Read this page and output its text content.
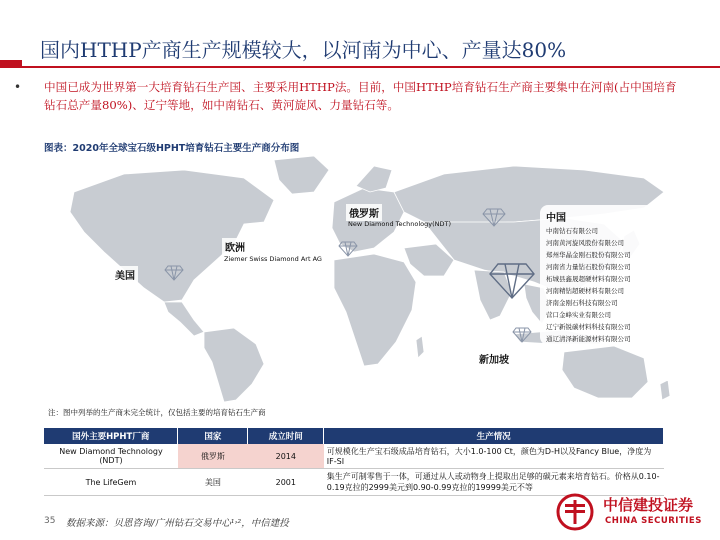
国内HTHP产商生产规模较大，以河南为中心、产量达80%
• 中国已成为世界第一大培育钻石生产国、主要采用HTHP法。目前，中国HTHP培育钻石生产商主要集中在河南(占中国培育钻石总产量80%)、辽宁等地，如中南钻石、黄河旋风、力量钻石等。
图表：2020年全球宝石级HPHT培育钻石主要生产商分布图
俄罗斯
New Diamond Technology(NDT)
欧洲
Ziemer Swiss Diamond Art AG
美国
新加坡
中国
中南钻石有限公司
河南黄河旋风股份有限公司
郑州华晶金刚石股份有限公司
河南省力量钻石股份有限公司
柘城县鑫晟超硬材料有限公司
河南精钻超硬材料有限公司
济南金刚石科技有限公司
营口金峰实业有限公司
辽宁新锐碳材料科技有限公司
通辽清泽新能源材料有限公司
注：图中列举的生产商未完全统计，仅包括主要的培育钻石生产商
国外主要HPHT厂商	国家	成立时间	生产情况
New Diamond Technology (NDT)	俄罗斯	2014	可规模化生产宝石级成品培育钻石，大小1.0-100 Ct，颜色为D-H以及Fancy Blue，净度为IF-SI
The LifeGem	美国	2001	集生产可制零售于一体，可通过从人或动物身上提取出足够的碳元素来培育钻石。价格从0.10-0.19克拉的2999美元到0.90-0.99克拉的19999美元不等
35 数据来源：贝恩咨询/广州钻石交易中心¹˒²，中信建投
中信建投证券
CHINA SECURITIES
